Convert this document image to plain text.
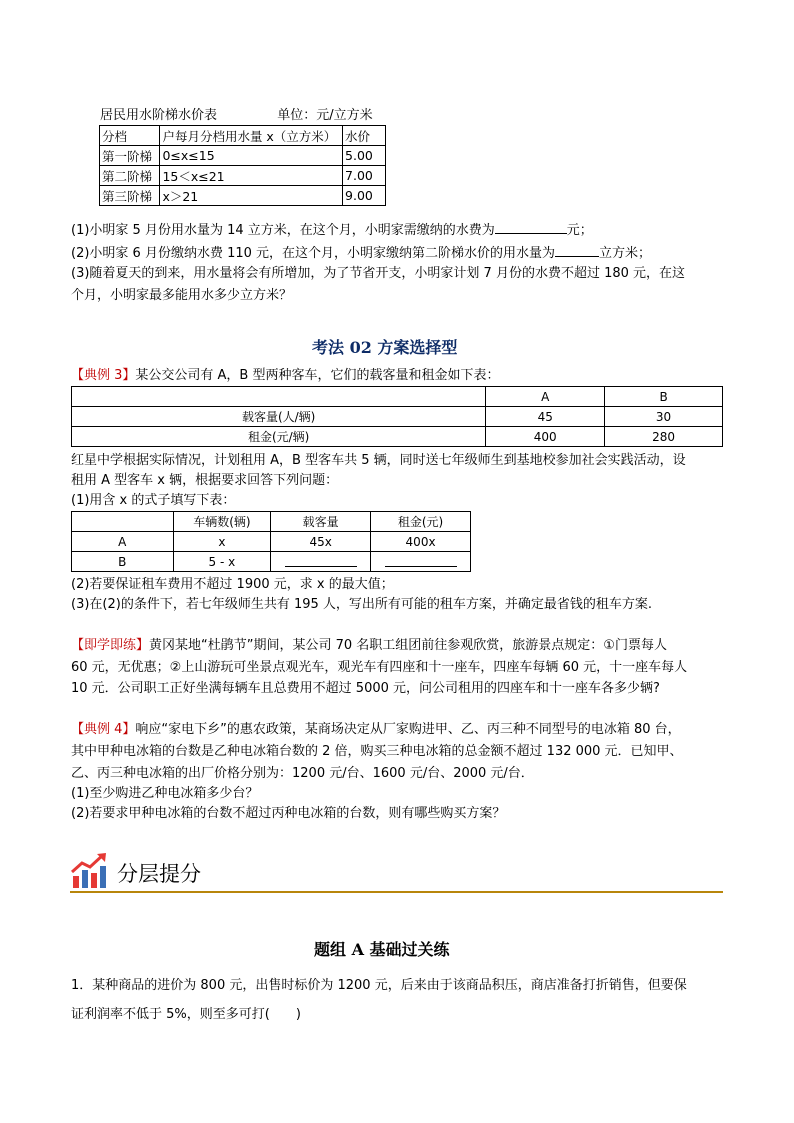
居民用水阶梯水价表	单位：元/立方米
分档	户每月分档用水量 x（立方米）	水价
第一阶梯	0≤x≤15	5.00
第二阶梯	15＜x≤21	7.00
第三阶梯	x＞21	9.00
(1)小明家 5 月份用水量为 14 立方米，在这个月，小明家需缴纳的水费为	元；
(2)小明家 6 月份缴纳水费 110 元，在这个月，小明家缴纳第二阶梯水价的用水量为	立方米；
(3)随着夏天的到来，用水量将会有所增加，为了节省开支，小明家计划 7 月份的水费不超过 180 元，在这
个月，小明家最多能用水多少立方米？
考法 02 方案选择型
【典例 3】某公交公司有 A，B 型两种客车，它们的载客量和租金如下表：
	A	B
载客量(人/辆)	45	30
租金(元/辆)	400	280
红星中学根据实际情况，计划租用 A，B 型客车共 5 辆，同时送七年级师生到基地校参加社会实践活动，设
租用 A 型客车 x 辆，根据要求回答下列问题：
(1)用含 x 的式子填写下表：
	车辆数(辆)	载客量	租金(元)
A	x	45x	400x
B	5 - x		
(2)若要保证租车费用不超过 1900 元，求 x 的最大值；
(3)在(2)的条件下，若七年级师生共有 195 人，写出所有可能的租车方案，并确定最省钱的租车方案.
【即学即练】黄冈某地“杜鹃节”期间，某公司 70 名职工组团前往参观欣赏，旅游景点规定：①门票每人
60 元，无优惠；②上山游玩可坐景点观光车，观光车有四座和十一座车，四座车每辆 60 元，十一座车每人
10 元．公司职工正好坐满每辆车且总费用不超过 5000 元，问公司租用的四座车和十一座车各多少辆?
【典例 4】响应“家电下乡”的惠农政策，某商场决定从厂家购进甲、乙、丙三种不同型号的电冰箱 80 台，
其中甲种电冰箱的台数是乙种电冰箱台数的 2 倍，购买三种电冰箱的总金额不超过 132 000 元．已知甲、
乙、丙三种电冰箱的出厂价格分别为：1200 元/台、1600 元/台、2000 元/台．
(1)至少购进乙种电冰箱多少台？
(2)若要求甲种电冰箱的台数不超过丙种电冰箱的台数，则有哪些购买方案？
分层提分
题组 A 基础过关练
1．某种商品的进价为 800 元，出售时标价为 1200 元，后来由于该商品积压，商店准备打折销售，但要保
证利润率不低于 5%，则至多可打(　　)
